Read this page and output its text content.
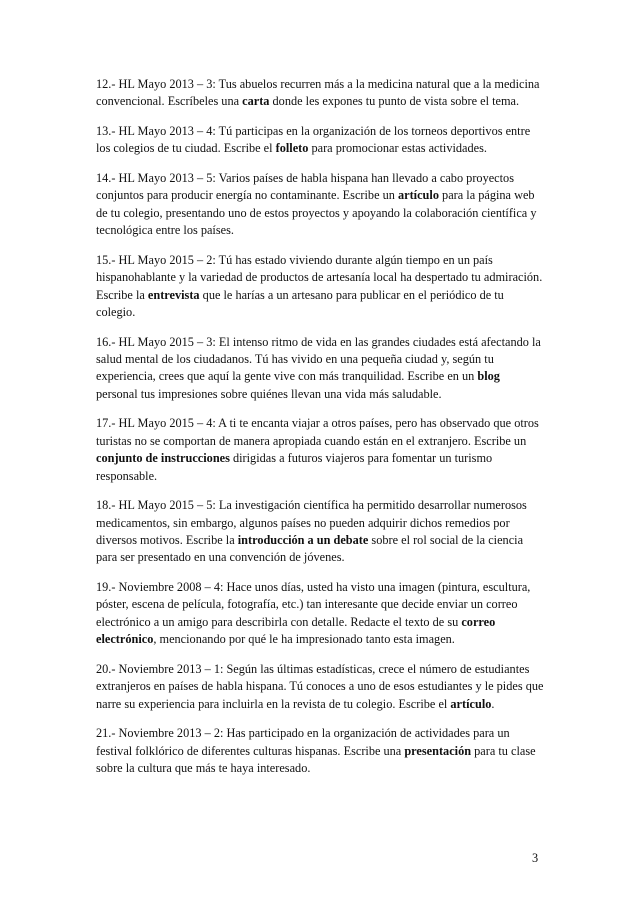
12.- HL Mayo 2013 – 3: Tus abuelos recurren más a la medicina natural que a la medicina convencional. Escríbeles una carta donde les expones tu punto de vista sobre el tema.

13.- HL Mayo 2013 – 4: Tú participas en la organización de los torneos deportivos entre los colegios de tu ciudad. Escribe el folleto para promocionar estas actividades.

14.- HL Mayo 2013 – 5: Varios países de habla hispana han llevado a cabo proyectos conjuntos para producir energía no contaminante. Escribe un artículo para la página web de tu colegio, presentando uno de estos proyectos y apoyando la colaboración científica y tecnológica entre los países.

15.- HL Mayo 2015 – 2: Tú has estado viviendo durante algún tiempo en un país hispanohablante y la variedad de productos de artesanía local ha despertado tu admiración. Escribe la entrevista que le harías a un artesano para publicar en el periódico de tu colegio.

16.- HL Mayo 2015 – 3: El intenso ritmo de vida en las grandes ciudades está afectando la salud mental de los ciudadanos. Tú has vivido en una pequeña ciudad y, según tu experiencia, crees que aquí la gente vive con más tranquilidad. Escribe en un blog personal tus impresiones sobre quiénes llevan una vida más saludable.

17.- HL Mayo 2015 – 4: A ti te encanta viajar a otros países, pero has observado que otros turistas no se comportan de manera apropiada cuando están en el extranjero. Escribe un conjunto de instrucciones dirigidas a futuros viajeros para fomentar un turismo responsable.

18.- HL Mayo 2015 – 5: La investigación científica ha permitido desarrollar numerosos medicamentos, sin embargo, algunos países no pueden adquirir dichos remedios por diversos motivos. Escribe la introducción a un debate sobre el rol social de la ciencia para ser presentado en una convención de jóvenes.

19.- Noviembre 2008 – 4: Hace unos días, usted ha visto una imagen (pintura, escultura, póster, escena de película, fotografía, etc.) tan interesante que decide enviar un correo electrónico a un amigo para describirla con detalle. Redacte el texto de su correo electrónico, mencionando por qué le ha impresionado tanto esta imagen.

20.- Noviembre 2013 – 1: Según las últimas estadísticas, crece el número de estudiantes extranjeros en países de habla hispana. Tú conoces a uno de esos estudiantes y le pides que narre su experiencia para incluirla en la revista de tu colegio. Escribe el artículo.

21.- Noviembre 2013 – 2: Has participado en la organización de actividades para un festival folklórico de diferentes culturas hispanas. Escribe una presentación para tu clase sobre la cultura que más te haya interesado.

3
